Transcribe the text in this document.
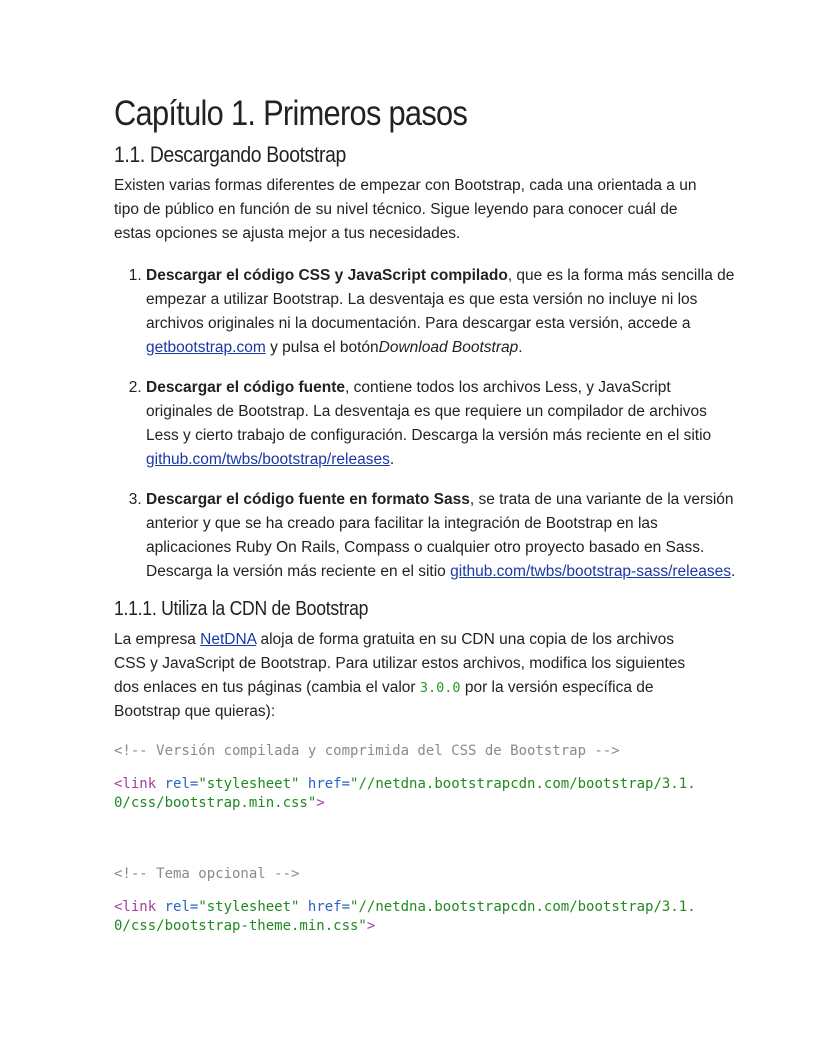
Capítulo 1. Primeros pasos
1.1. Descargando Bootstrap

Existen varias formas diferentes de empezar con Bootstrap, cada una orientada a un tipo de público en función de su nivel técnico. Sigue leyendo para conocer cuál de estas opciones se ajusta mejor a tus necesidades.

1. Descargar el código CSS y JavaScript compilado, que es la forma más sencilla de empezar a utilizar Bootstrap. La desventaja es que esta versión no incluye ni los archivos originales ni la documentación. Para descargar esta versión, accede a getbootstrap.com y pulsa el botónDownload Bootstrap.
2. Descargar el código fuente, contiene todos los archivos Less, y JavaScript originales de Bootstrap. La desventaja es que requiere un compilador de archivos Less y cierto trabajo de configuración. Descarga la versión más reciente en el sitio github.com/twbs/bootstrap/releases.
3. Descargar el código fuente en formato Sass, se trata de una variante de la versión anterior y que se ha creado para facilitar la integración de Bootstrap en las aplicaciones Ruby On Rails, Compass o cualquier otro proyecto basado en Sass. Descarga la versión más reciente en el sitio github.com/twbs/bootstrap-sass/releases.
1.1.1. Utiliza la CDN de Bootstrap

La empresa NetDNA aloja de forma gratuita en su CDN una copia de los archivos CSS y JavaScript de Bootstrap. Para utilizar estos archivos, modifica los siguientes dos enlaces en tus páginas (cambia el valor 3.0.0 por la versión específica de Bootstrap que quieras):

<!-- Versión compilada y comprimida del CSS de Bootstrap -->
<link rel="stylesheet" href="//netdna.bootstrapcdn.com/bootstrap/3.1.
0/css/bootstrap.min.css">
<!-- Tema opcional -->
<link rel="stylesheet" href="//netdna.bootstrapcdn.com/bootstrap/3.1.
0/css/bootstrap-theme.min.css">
